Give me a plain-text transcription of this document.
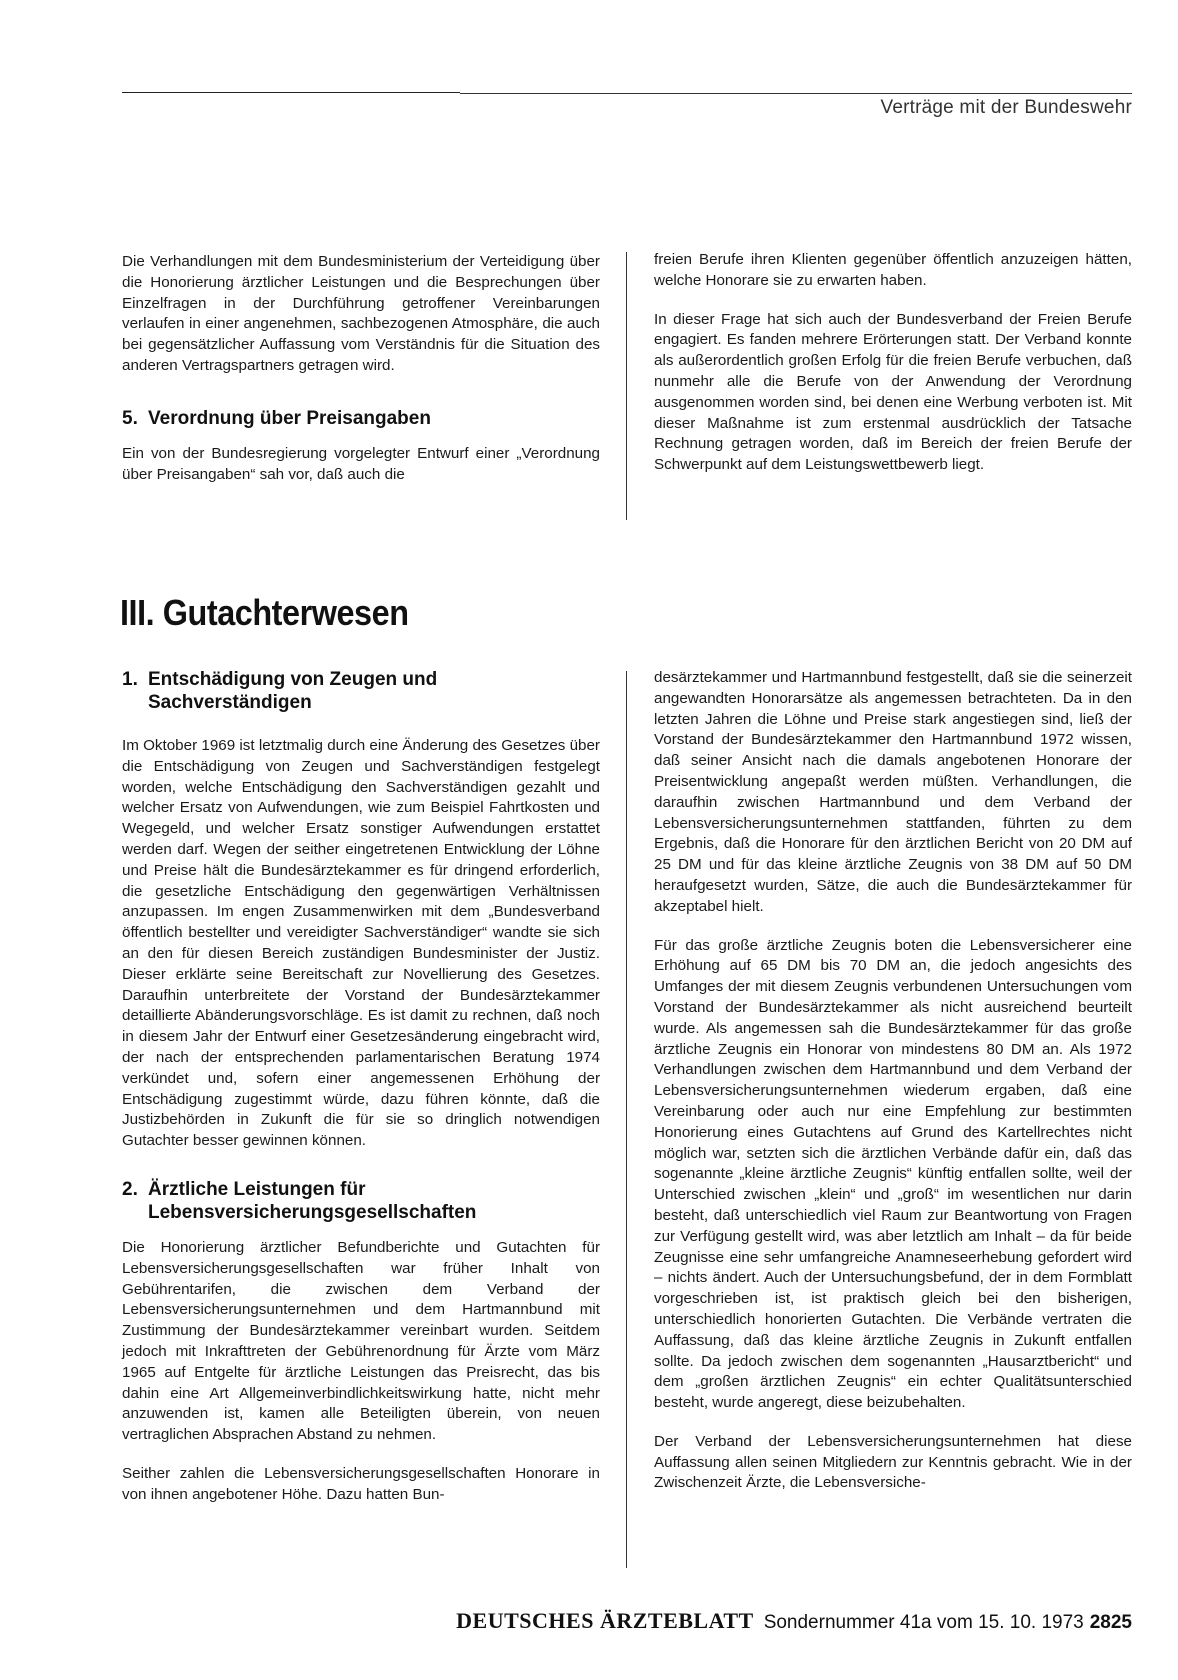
Verträge mit der Bundeswehr

Die Verhandlungen mit dem Bundesministerium der Verteidigung über die Honorierung ärztlicher Leistungen und die Besprechungen über Einzelfragen in der Durchführung getroffener Vereinbarungen verlaufen in einer angenehmen, sachbezogenen Atmosphäre, die auch bei gegensätzlicher Auffassung vom Verständnis für die Situation des anderen Vertragspartners getragen wird.

5. Verordnung über Preisangaben

Ein von der Bundesregierung vorgelegter Entwurf einer „Verordnung über Preisangaben“ sah vor, daß auch die

freien Berufe ihren Klienten gegenüber öffentlich anzuzeigen hätten, welche Honorare sie zu erwarten haben.

In dieser Frage hat sich auch der Bundesverband der Freien Berufe engagiert. Es fanden mehrere Erörterungen statt. Der Verband konnte als außerordentlich großen Erfolg für die freien Berufe verbuchen, daß nunmehr alle die Berufe von der Anwendung der Verordnung ausgenommen worden sind, bei denen eine Werbung verboten ist. Mit dieser Maßnahme ist zum erstenmal ausdrücklich der Tatsache Rechnung getragen worden, daß im Bereich der freien Berufe der Schwerpunkt auf dem Leistungswettbewerb liegt.

III. Gutachterwesen
1. Entschädigung von Zeugen und
Sachverständigen

Im Oktober 1969 ist letztmalig durch eine Änderung des Gesetzes über die Entschädigung von Zeugen und Sachverständigen festgelegt worden, welche Entschädigung den Sachverständigen gezahlt und welcher Ersatz von Aufwendungen, wie zum Beispiel Fahrtkosten und Wegegeld, und welcher Ersatz sonstiger Aufwendungen erstattet werden darf. Wegen der seither eingetretenen Entwicklung der Löhne und Preise hält die Bundesärztekammer es für dringend erforderlich, die gesetzliche Entschädigung den gegenwärtigen Verhältnissen anzupassen. Im engen Zusammenwirken mit dem „Bundesverband öffentlich bestellter und vereidigter Sachverständiger“ wandte sie sich an den für diesen Bereich zuständigen Bundesminister der Justiz. Dieser erklärte seine Bereitschaft zur Novellierung des Gesetzes. Daraufhin unterbreitete der Vorstand der Bundesärztekammer detaillierte Abänderungsvorschläge. Es ist damit zu rechnen, daß noch in diesem Jahr der Entwurf einer Gesetzesänderung eingebracht wird, der nach der entsprechenden parlamentarischen Beratung 1974 verkündet und, sofern einer angemessenen Erhöhung der Entschädigung zugestimmt würde, dazu führen könnte, daß die Justizbehörden in Zukunft die für sie so dringlich notwendigen Gutachter besser gewinnen können.

2. Ärztliche Leistungen für
Lebensversicherungsgesellschaften

Die Honorierung ärztlicher Befundberichte und Gutachten für Lebensversicherungsgesellschaften war früher Inhalt von Gebührentarifen, die zwischen dem Verband der Lebensversicherungsunternehmen und dem Hartmannbund mit Zustimmung der Bundesärztekammer vereinbart wurden. Seitdem jedoch mit Inkrafttreten der Gebührenordnung für Ärzte vom März 1965 auf Entgelte für ärztliche Leistungen das Preisrecht, das bis dahin eine Art Allgemeinverbindlichkeitswirkung hatte, nicht mehr anzuwenden ist, kamen alle Beteiligten überein, von neuen vertraglichen Absprachen Abstand zu nehmen.

Seither zahlen die Lebensversicherungsgesellschaften Honorare in von ihnen angebotener Höhe. Dazu hatten Bun-

desärztekammer und Hartmannbund festgestellt, daß sie die seinerzeit angewandten Honorarsätze als angemessen betrachteten. Da in den letzten Jahren die Löhne und Preise stark angestiegen sind, ließ der Vorstand der Bundesärztekammer den Hartmannbund 1972 wissen, daß seiner Ansicht nach die damals angebotenen Honorare der Preisentwicklung angepaßt werden müßten. Verhandlungen, die daraufhin zwischen Hartmannbund und dem Verband der Lebensversicherungsunternehmen stattfanden, führten zu dem Ergebnis, daß die Honorare für den ärztlichen Bericht von 20 DM auf 25 DM und für das kleine ärztliche Zeugnis von 38 DM auf 50 DM heraufgesetzt wurden, Sätze, die auch die Bundesärztekammer für akzeptabel hielt.

Für das große ärztliche Zeugnis boten die Lebensversicherer eine Erhöhung auf 65 DM bis 70 DM an, die jedoch angesichts des Umfanges der mit diesem Zeugnis verbundenen Untersuchungen vom Vorstand der Bundesärztekammer als nicht ausreichend beurteilt wurde. Als angemessen sah die Bundesärztekammer für das große ärztliche Zeugnis ein Honorar von mindestens 80 DM an. Als 1972 Verhandlungen zwischen dem Hartmannbund und dem Verband der Lebensversicherungsunternehmen wiederum ergaben, daß eine Vereinbarung oder auch nur eine Empfehlung zur bestimmten Honorierung eines Gutachtens auf Grund des Kartellrechtes nicht möglich war, setzten sich die ärztlichen Verbände dafür ein, daß das sogenannte „kleine ärztliche Zeugnis“ künftig entfallen sollte, weil der Unterschied zwischen „klein“ und „groß“ im wesentlichen nur darin besteht, daß unterschiedlich viel Raum zur Beantwortung von Fragen zur Verfügung gestellt wird, was aber letztlich am Inhalt – da für beide Zeugnisse eine sehr umfangreiche Anamneseerhebung gefordert wird – nichts ändert. Auch der Untersuchungsbefund, der in dem Formblatt vorgeschrieben ist, ist praktisch gleich bei den bisherigen, unterschiedlich honorierten Gutachten. Die Verbände vertraten die Auffassung, daß das kleine ärztliche Zeugnis in Zukunft entfallen sollte. Da jedoch zwischen dem sogenannten „Hausarztbericht“ und dem „großen ärztlichen Zeugnis“ ein echter Qualitätsunterschied besteht, wurde angeregt, diese beizubehalten.

Der Verband der Lebensversicherungsunternehmen hat diese Auffassung allen seinen Mitgliedern zur Kenntnis gebracht. Wie in der Zwischenzeit Ärzte, die Lebensversiche-

DEUTSCHES ÄRZTEBLATT Sondernummer 41a vom 15. 10. 1973 2825
